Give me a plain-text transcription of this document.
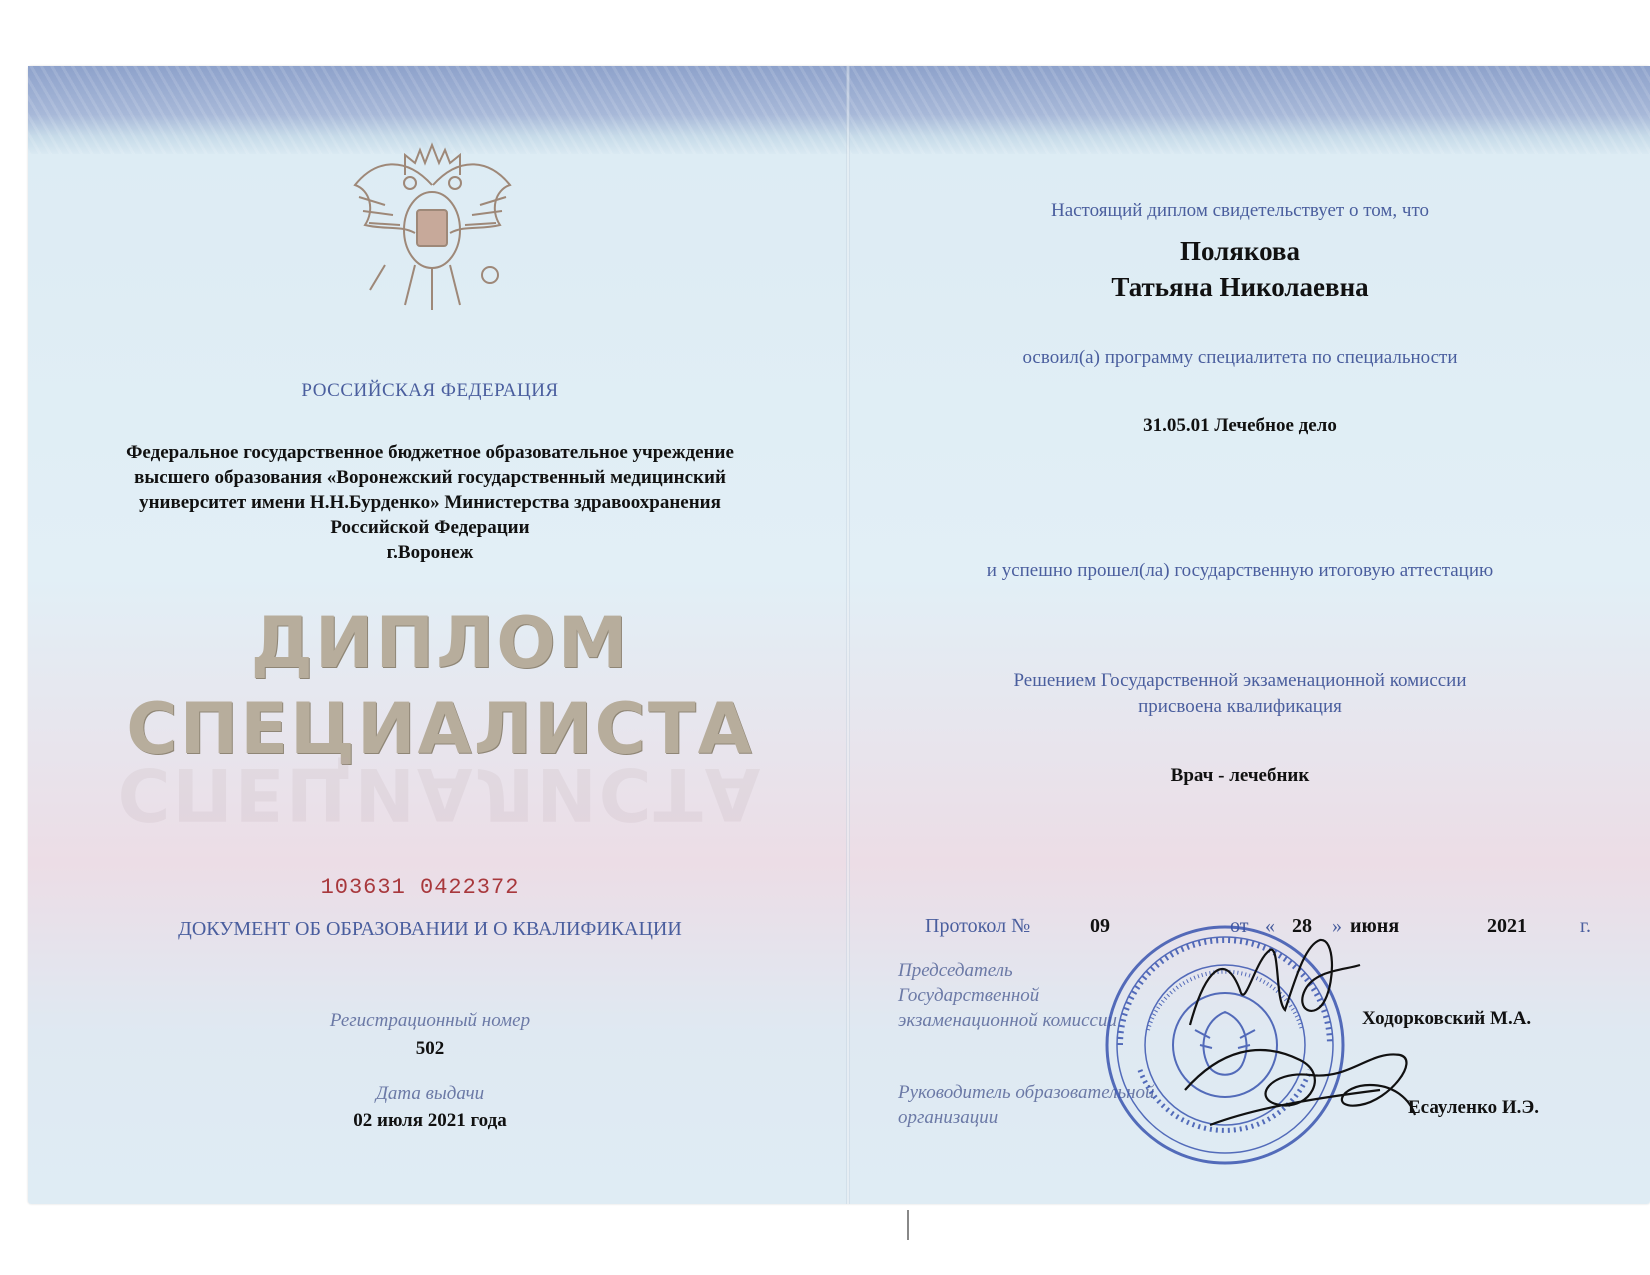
РОССИЙСКАЯ ФЕДЕРАЦИЯ
Федеральное государственное бюджетное образовательное учреждение
высшего образования «Воронежский государственный медицинский
университет имени Н.Н.Бурденко» Министерства здравоохранения
Российской Федерации
г.Воронеж
ДИПЛОМ
СПЕЦИАЛИСТА
СПЕЦИАЛИСТА
103631 0422372
ДОКУМЕНТ ОБ ОБРАЗОВАНИИ И О КВАЛИФИКАЦИИ
Регистрационный номер
502
Дата выдачи
02 июля 2021 года
Настоящий диплом свидетельствует о том, что
Полякова
Татьяна Николаевна
освоил(а) программу специалитета по специальности
31.05.01 Лечебное дело
и успешно прошел(ла) государственную итоговую аттестацию
Решением Государственной экзаменационной комиссии
присвоена квалификация
Врач - лечебник
Протокол №	09	от « 28 » июня	2021	г.
Председатель
Государственной
экзаменационной комиссии	Ходорковский М.А.
Руководитель образовательной
организации	Есауленко И.Э.
